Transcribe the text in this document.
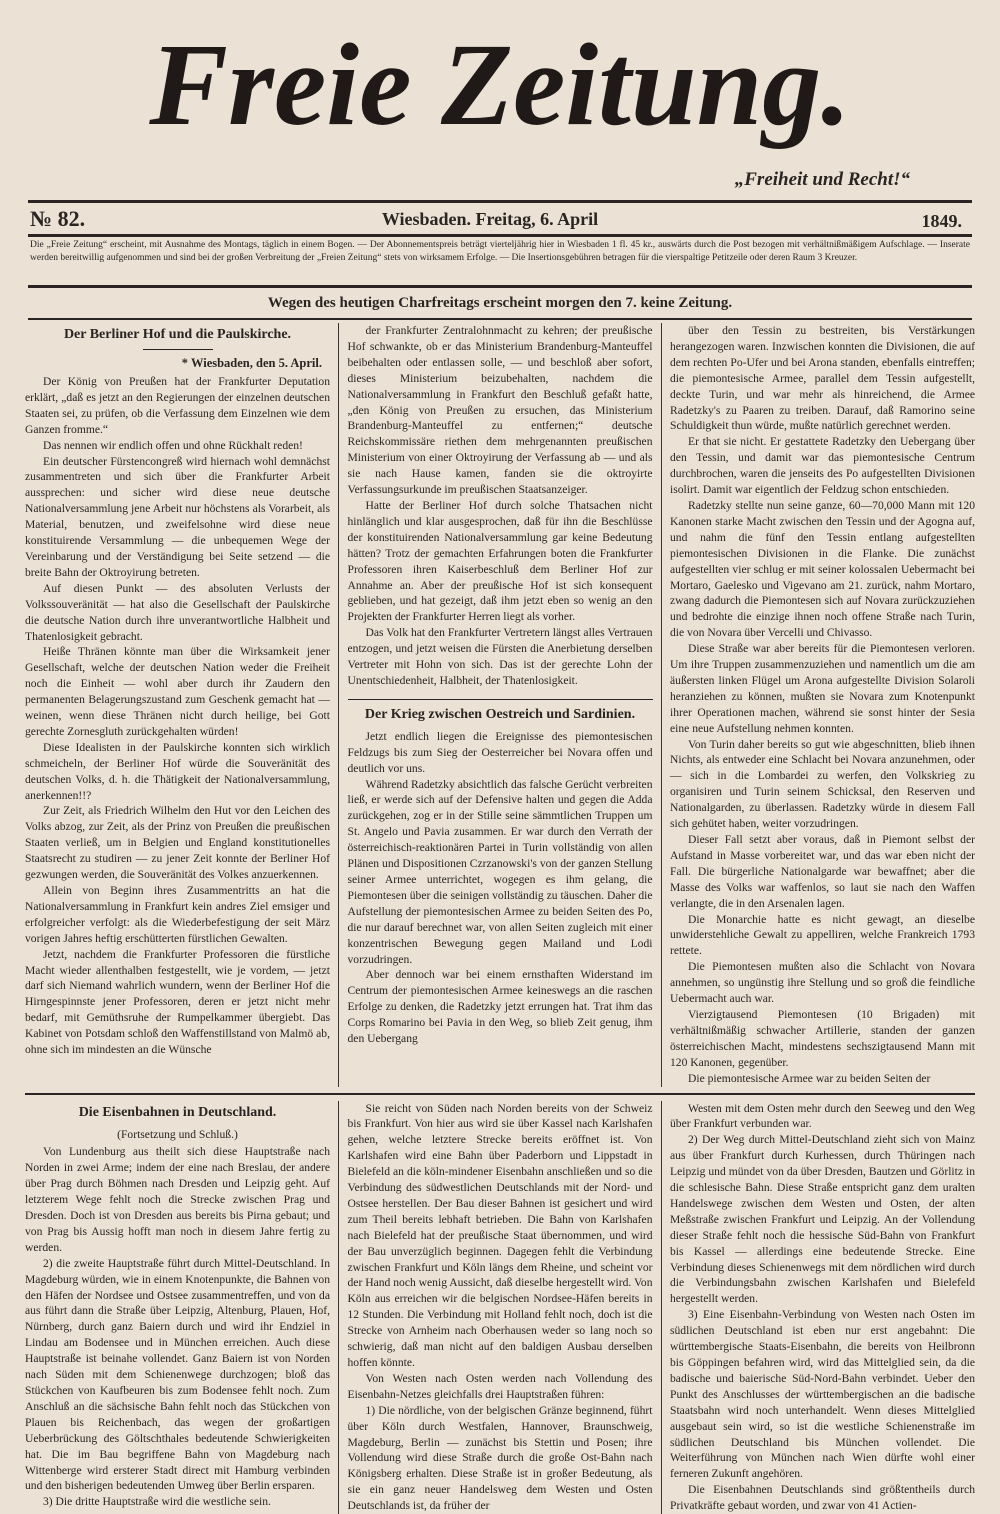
Freie Zeitung.
„Freiheit und Recht!“
№ 82.	Wiesbaden. Freitag, 6. April	1849.
Die „Freie Zeitung“ erscheint, mit Ausnahme des Montags, täglich in einem Bogen. — Der Abonnementspreis beträgt vierteljährig hier in Wiesbaden 1 fl. 45 kr., auswärts durch die Post bezogen mit verhältnißmäßigem Aufschlage. — Inserate werden bereitwillig aufgenommen und sind bei der großen Verbreitung der „Freien Zeitung“ stets von wirksamem Erfolge. — Die Insertionsgebühren betragen für die vierspaltige Petitzeile oder deren Raum 3 Kreuzer.
Wegen des heutigen Charfreitags erscheint morgen den 7. keine Zeitung.
Der Berliner Hof und die Paulskirche.
* Wiesbaden, den 5. April.

Der König von Preußen hat der Frankfurter Deputation erklärt, „daß es jetzt an den Regierungen der einzelnen deutschen Staaten sei, zu prüfen, ob die Verfassung dem Einzelnen wie dem Ganzen fromme.“

Das nennen wir endlich offen und ohne Rückhalt reden!

Ein deutscher Fürstencongreß wird hiernach wohl demnächst zusammentreten und sich über die Frankfurter Arbeit aussprechen: und sicher wird diese neue deutsche Nationalversammlung jene Arbeit nur höchstens als Vorarbeit, als Material, benutzen, und zweifelsohne wird diese neue konstituirende Versammlung — die unbequemen Wege der Vereinbarung und der Verständigung bei Seite setzend — die breite Bahn der Oktroyirung betreten.

Auf diesen Punkt — des absoluten Verlusts der Volkssouveränität — hat also die Gesellschaft der Paulskirche die deutsche Nation durch ihre unverantwortliche Halbheit und Thatenlosigkeit gebracht.

Heiße Thränen könnte man über die Wirksamkeit jener Gesellschaft, welche der deutschen Nation weder die Freiheit noch die Einheit — wohl aber durch ihr Zaudern den permanenten Belagerungszustand zum Geschenk gemacht hat — weinen, wenn diese Thränen nicht durch heilige, bei Gott gerechte Zornesgluth zurückgehalten würden!

Diese Idealisten in der Paulskirche konnten sich wirklich schmeicheln, der Berliner Hof würde die Souveränität des deutschen Volks, d. h. die Thätigkeit der Nationalversammlung, anerkennen!!?

Zur Zeit, als Friedrich Wilhelm den Hut vor den Leichen des Volks abzog, zur Zeit, als der Prinz von Preußen die preußischen Staaten verließ, um in Belgien und England konstitutionelles Staatsrecht zu studiren — zu jener Zeit konnte der Berliner Hof gezwungen werden, die Souveränität des Volkes anzuerkennen.

Allein von Beginn ihres Zusammentritts an hat die Nationalversammlung in Frankfurt kein andres Ziel emsiger und erfolgreicher verfolgt: als die Wiederbefestigung der seit März vorigen Jahres heftig erschütterten fürstlichen Gewalten.

Jetzt, nachdem die Frankfurter Professoren die fürstliche Macht wieder allenthalben festgestellt, wie je vordem, — jetzt darf sich Niemand wahrlich wundern, wenn der Berliner Hof die Hirngespinnste jener Professoren, deren er jetzt nicht mehr bedarf, mit Gemüthsruhe der Rumpelkammer übergiebt. Das Kabinet von Potsdam schloß den Waffenstillstand von Malmö ab, ohne sich im mindesten an die Wünsche

der Frankfurter Zentralohnmacht zu kehren; der preußische Hof schwankte, ob er das Ministerium Brandenburg-Manteuffel beibehalten oder entlassen solle, — und beschloß aber sofort, dieses Ministerium beizubehalten, nachdem die Nationalversammlung in Frankfurt den Beschluß gefaßt hatte, „den König von Preußen zu ersuchen, das Ministerium Brandenburg-Manteuffel zu entfernen;“ deutsche Reichskommissäre riethen dem mehrgenannten preußischen Ministerium von einer Oktroyirung der Verfassung ab — und als sie nach Hause kamen, fanden sie die oktroyirte Verfassungsurkunde im preußischen Staatsanzeiger.

Hatte der Berliner Hof durch solche Thatsachen nicht hinlänglich und klar ausgesprochen, daß für ihn die Beschlüsse der konstituirenden Nationalversammlung gar keine Bedeutung hätten? Trotz der gemachten Erfahrungen boten die Frankfurter Professoren ihren Kaiserbeschluß dem Berliner Hof zur Annahme an. Aber der preußische Hof ist sich konsequent geblieben, und hat gezeigt, daß ihm jetzt eben so wenig an den Projekten der Frankfurter Herren liegt als vorher.

Das Volk hat den Frankfurter Vertretern längst alles Vertrauen entzogen, und jetzt weisen die Fürsten die Anerbietung derselben Vertreter mit Hohn von sich. Das ist der gerechte Lohn der Unentschiedenheit, Halbheit, der Thatenlosigkeit.

Der Krieg zwischen Oestreich und Sardinien.

Jetzt endlich liegen die Ereignisse des piemontesischen Feldzugs bis zum Sieg der Oesterreicher bei Novara offen und deutlich vor uns.

Während Radetzky absichtlich das falsche Gerücht verbreiten ließ, er werde sich auf der Defensive halten und gegen die Adda zurückgehen, zog er in der Stille seine sämmtlichen Truppen um St. Angelo und Pavia zusammen. Er war durch den Verrath der österreichisch-reaktionären Partei in Turin vollständig von allen Plänen und Dispositionen Czrzanowski's von der ganzen Stellung seiner Armee unterrichtet, wogegen es ihm gelang, die Piemontesen über die seinigen vollständig zu täuschen. Daher die Aufstellung der piemontesischen Armee zu beiden Seiten des Po, die nur darauf berechnet war, von allen Seiten zugleich mit einer konzentrischen Bewegung gegen Mailand und Lodi vorzudringen.

Aber dennoch war bei einem ernsthaften Widerstand im Centrum der piemontesischen Armee keineswegs an die raschen Erfolge zu denken, die Radetzky jetzt errungen hat. Trat ihm das Corps Romarino bei Pavia in den Weg, so blieb Zeit genug, ihm den Uebergang

über den Tessin zu bestreiten, bis Verstärkungen herangezogen waren. Inzwischen konnten die Divisionen, die auf dem rechten Po-Ufer und bei Arona standen, ebenfalls eintreffen; die piemontesische Armee, parallel dem Tessin aufgestellt, deckte Turin, und war mehr als hinreichend, die Armee Radetzky's zu Paaren zu treiben. Darauf, daß Ramorino seine Schuldigkeit thun würde, mußte natürlich gerechnet werden.

Er that sie nicht. Er gestattete Radetzky den Uebergang über den Tessin, und damit war das piemontesische Centrum durchbrochen, waren die jenseits des Po aufgestellten Divisionen isolirt. Damit war eigentlich der Feldzug schon entschieden.

Radetzky stellte nun seine ganze, 60—70,000 Mann mit 120 Kanonen starke Macht zwischen den Tessin und der Agogna auf, und nahm die fünf den Tessin entlang aufgestellten piemontesischen Divisionen in die Flanke. Die zunächst aufgestellten vier schlug er mit seiner kolossalen Uebermacht bei Mortaro, Gaelesko und Vigevano am 21. zurück, nahm Mortaro, zwang dadurch die Piemontesen sich auf Novara zurückzuziehen und bedrohte die einzige ihnen noch offene Straße nach Turin, die von Novara über Vercelli und Chivasso.

Diese Straße war aber bereits für die Piemontesen verloren. Um ihre Truppen zusammenzuziehen und namentlich um die am äußersten linken Flügel um Arona aufgestellte Division Solaroli heranziehen zu können, mußten sie Novara zum Knotenpunkt ihrer Operationen machen, während sie sonst hinter der Sesia eine neue Aufstellung nehmen konnten.

Von Turin daher bereits so gut wie abgeschnitten, blieb ihnen Nichts, als entweder eine Schlacht bei Novara anzunehmen, oder — sich in die Lombardei zu werfen, den Volkskrieg zu organisiren und Turin seinem Schicksal, den Reserven und Nationalgarden, zu überlassen. Radetzky würde in diesem Fall sich gehütet haben, weiter vorzudringen.

Dieser Fall setzt aber voraus, daß in Piemont selbst der Aufstand in Masse vorbereitet war, und das war eben nicht der Fall. Die bürgerliche Nationalgarde war bewaffnet; aber die Masse des Volks war waffenlos, so laut sie nach den Waffen verlangte, die in den Arsenalen lagen.

Die Monarchie hatte es nicht gewagt, an dieselbe unwiderstehliche Gewalt zu appelliren, welche Frankreich 1793 rettete.

Die Piemontesen mußten also die Schlacht von Novara annehmen, so ungünstig ihre Stellung und so groß die feindliche Uebermacht auch war.

Vierzigtausend Piemontesen (10 Brigaden) mit verhältnißmäßig schwacher Artillerie, standen der ganzen österreichischen Macht, mindestens sechszigtausend Mann mit 120 Kanonen, gegenüber.

Die piemontesische Armee war zu beiden Seiten der

Die Eisenbahnen in Deutschland.
(Fortsetzung und Schluß.)

Von Lundenburg aus theilt sich diese Hauptstraße nach Norden in zwei Arme; indem der eine nach Breslau, der andere über Prag durch Böhmen nach Dresden und Leipzig geht. Auf letzterem Wege fehlt noch die Strecke zwischen Prag und Dresden. Doch ist von Dresden aus bereits bis Pirna gebaut; und von Prag bis Aussig hofft man noch in diesem Jahre fertig zu werden.

2) die zweite Hauptstraße führt durch Mittel-Deutschland. In Magdeburg würden, wie in einem Knotenpunkte, die Bahnen von den Häfen der Nordsee und Ostsee zusammentreffen, und von da aus führt dann die Straße über Leipzig, Altenburg, Plauen, Hof, Nürnberg, durch ganz Baiern durch und wird ihr Endziel in Lindau am Bodensee und in München erreichen. Auch diese Hauptstraße ist beinahe vollendet. Ganz Baiern ist von Norden nach Süden mit dem Schienenwege durchzogen; bloß das Stückchen von Kaufbeuren bis zum Bodensee fehlt noch. Zum Anschluß an die sächsische Bahn fehlt noch das Stückchen von Plauen bis Reichenbach, das wegen der großartigen Ueberbrückung des Göltschthales bedeutende Schwierigkeiten hat. Die im Bau begriffene Bahn von Magdeburg nach Wittenberge wird ersterer Stadt direct mit Hamburg verbinden und den bisherigen bedeutenden Umweg über Berlin ersparen.

3) Die dritte Hauptstraße wird die westliche sein.

Sie reicht von Süden nach Norden bereits von der Schweiz bis Frankfurt. Von hier aus wird sie über Kassel nach Karlshafen gehen, welche letztere Strecke bereits eröffnet ist. Von Karlshafen wird eine Bahn über Paderborn und Lippstadt in Bielefeld an die köln-mindener Eisenbahn anschließen und so die Verbindung des südwestlichen Deutschlands mit der Nord- und Ostsee herstellen. Der Bau dieser Bahnen ist gesichert und wird zum Theil bereits lebhaft betrieben. Die Bahn von Karlshafen nach Bielefeld hat der preußische Staat übernommen, und wird der Bau unverzüglich beginnen. Dagegen fehlt die Verbindung zwischen Frankfurt und Köln längs dem Rheine, und scheint vor der Hand noch wenig Aussicht, daß dieselbe hergestellt wird. Von Köln aus erreichen wir die belgischen Nordsee-Häfen bereits in 12 Stunden. Die Verbindung mit Holland fehlt noch, doch ist die Strecke von Arnheim nach Oberhausen weder so lang noch so schwierig, daß man nicht auf den baldigen Ausbau derselben hoffen könnte.

Von Westen nach Osten werden nach Vollendung des Eisenbahn-Netzes gleichfalls drei Hauptstraßen führen:

1) Die nördliche, von der belgischen Gränze beginnend, führt über Köln durch Westfalen, Hannover, Braunschweig, Magdeburg, Berlin — zunächst bis Stettin und Posen; ihre Vollendung wird diese Straße durch die große Ost-Bahn nach Königsberg erhalten. Diese Straße ist in großer Bedeutung, als sie ein ganz neuer Handelsweg dem Westen und Osten Deutschlands ist, da früher der

Westen mit dem Osten mehr durch den Seeweg und den Weg über Frankfurt verbunden war.

2) Der Weg durch Mittel-Deutschland zieht sich von Mainz aus über Frankfurt durch Kurhessen, durch Thüringen nach Leipzig und mündet von da über Dresden, Bautzen und Görlitz in die schlesische Bahn. Diese Straße entspricht ganz dem uralten Handelswege zwischen dem Westen und Osten, der alten Meßstraße zwischen Frankfurt und Leipzig. An der Vollendung dieser Straße fehlt noch die hessische Süd-Bahn von Frankfurt bis Kassel — allerdings eine bedeutende Strecke. Eine Verbindung dieses Schienenwegs mit dem nördlichen wird durch die Verbindungsbahn zwischen Karlshafen und Bielefeld hergestellt werden.

3) Eine Eisenbahn-Verbindung von Westen nach Osten im südlichen Deutschland ist eben nur erst angebahnt: Die württembergische Staats-Eisenbahn, die bereits von Heilbronn bis Göppingen befahren wird, wird das Mittelglied sein, da die badische und baierische Süd-Nord-Bahn verbindet. Ueber den Punkt des Anschlusses der württembergischen an die badische Staatsbahn wird noch unterhandelt. Wenn dieses Mittelglied ausgebaut sein wird, so ist die westliche Schienenstraße im südlichen Deutschland bis München vollendet. Die Weiterführung von München nach Wien dürfte wohl einer ferneren Zukunft angehören.

Die Eisenbahnen Deutschlands sind größtentheils durch Privatkräfte gebaut worden, und zwar von 41 Actien-
